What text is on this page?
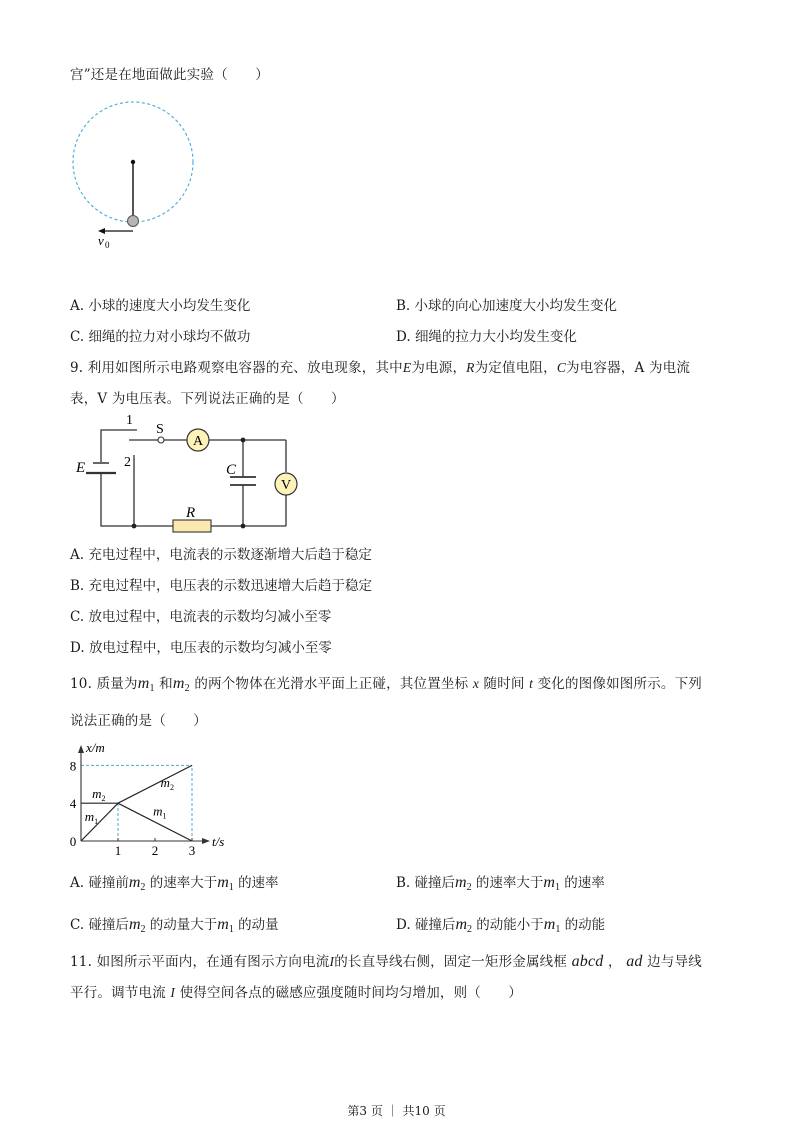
宫”还是在地面做此实验（　　）
v 0
A. 小球的速度大小均发生变化	B. 小球的向心加速度大小均发生变化
C. 细绳的拉力对小球均不做功	D. 细绳的拉力大小均发生变化
9. 利用如图所示电路观察电容器的充、放电现象，其中E为电源，R为定值电阻，C为电容器，A 为电流
表，V 为电压表。下列说法正确的是（　　）
A
V
1
S
2
E	C
R
A. 充电过程中，电流表的示数逐渐增大后趋于稳定
B. 充电过程中，电压表的示数迅速增大后趋于稳定
C. 放电过程中，电流表的示数均匀减小至零
D. 放电过程中，电压表的示数均匀减小至零
10. 质量为$m_1$ 和$m_2$ 的两个物体在光滑水平面上正碰，其位置坐标 x 随时间 t 变化的图像如图所示。下列
说法正确的是（　　）
x/m
t/s
0
1 2 3
4
8
$m_2$
$m_1$
$m_2$
$m_1$
A. 碰撞前$m_2$ 的速率大于$m_1$ 的速率	B. 碰撞后$m_2$ 的速率大于$m_1$ 的速率
C. 碰撞后$m_2$ 的动量大于$m_1$ 的动量	D. 碰撞后$m_2$ 的动能小于$m_1$ 的动能
11. 如图所示平面内，在通有图示方向电流I的长直导线右侧，固定一矩形金属线框 abcd ， ad 边与导线
平行。调节电流 I 使得空间各点的磁感应强度随时间均匀增加，则（　　）
第3 页 ｜ 共10 页
